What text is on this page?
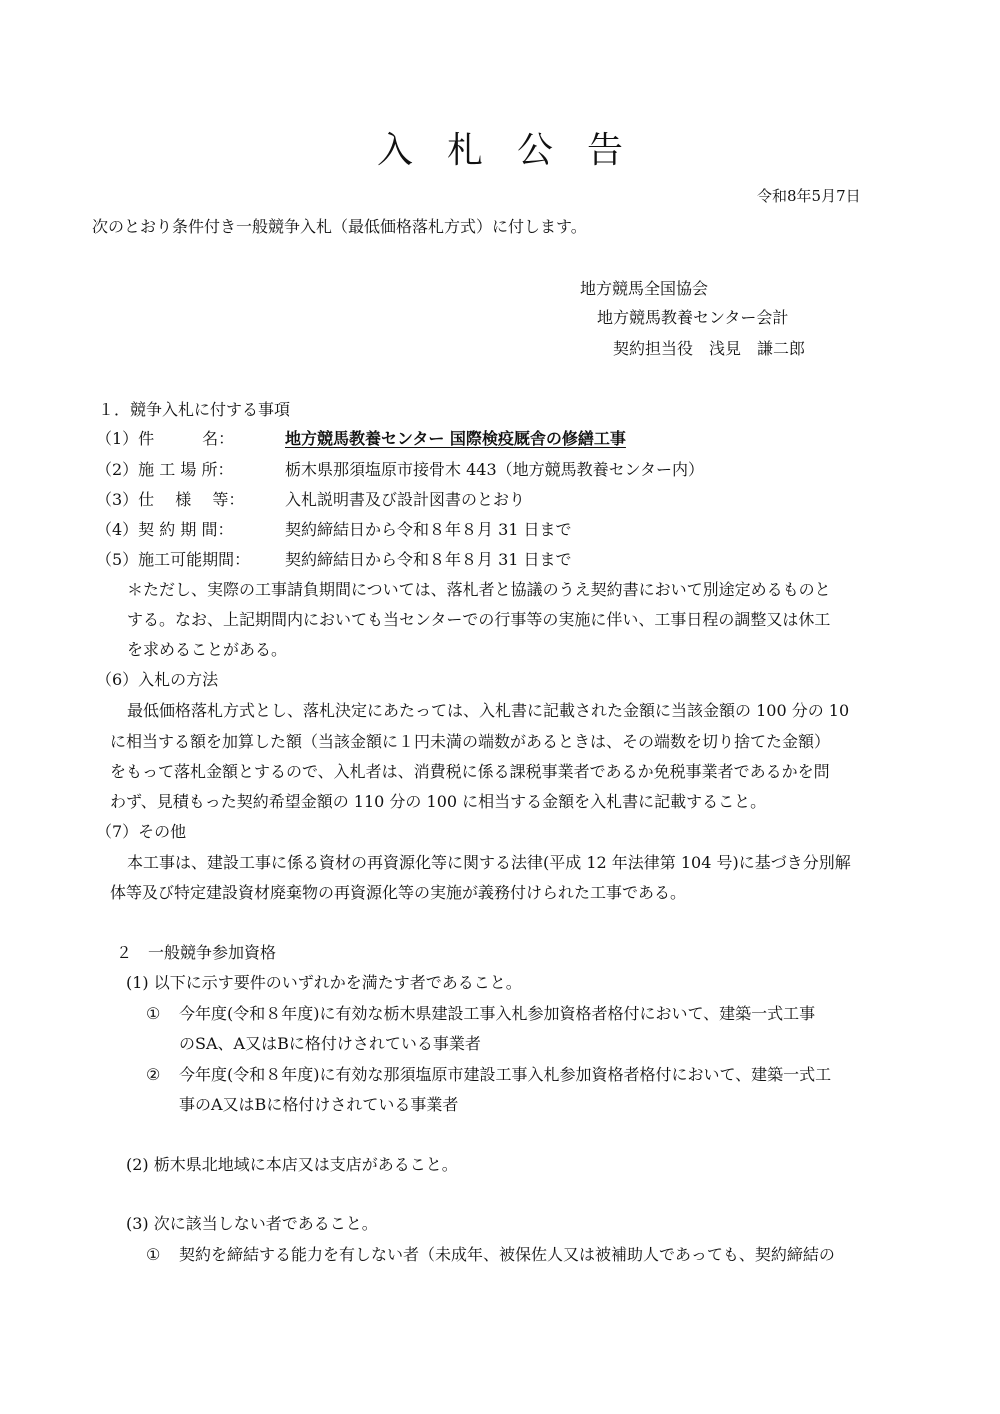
入札公告
令和8年5月7日
次のとおり条件付き一般競争入札（最低価格落札方式）に付します。
地方競馬全国協会
地方競馬教養センター会計
契約担当役　浅見　謙二郎
１．競争入札に付する事項
（1）件　　　名：	地方競馬教養センター 国際検疫厩舎の修繕工事
（2）施 工 場 所：	栃木県那須塩原市接骨木 443（地方競馬教養センター内）
（3）仕　 様　 等：	入札説明書及び設計図書のとおり
（4）契 約 期 間：	契約締結日から令和８年８月 31 日まで
（5）施工可能期間： 契約締結日から令和８年８月 31 日まで
＊ただし、実際の工事請負期間については、落札者と協議のうえ契約書において別途定めるものと
する。なお、上記期間内においても当センターでの行事等の実施に伴い、工事日程の調整又は休工
を求めることがある。
（6）入札の方法
最低価格落札方式とし、落札決定にあたっては、入札書に記載された金額に当該金額の 100 分の 10
に相当する額を加算した額（当該金額に１円未満の端数があるときは、その端数を切り捨てた金額）
をもって落札金額とするので、入札者は、消費税に係る課税事業者であるか免税事業者であるかを問
わず、見積もった契約希望金額の 110 分の 100 に相当する金額を入札書に記載すること。
（7）その他
本工事は、建設工事に係る資材の再資源化等に関する法律(平成 12 年法律第 104 号)に基づき分別解
体等及び特定建設資材廃棄物の再資源化等の実施が義務付けられた工事である。
２　一般競争参加資格
(1) 以下に示す要件のいずれかを満たす者であること。
① 今年度(令和８年度)に有効な栃木県建設工事入札参加資格者格付において、建築一式工事
のSA、A又はBに格付けされている事業者
② 今年度(令和８年度)に有効な那須塩原市建設工事入札参加資格者格付において、建築一式工
事のA又はBに格付けされている事業者
(2) 栃木県北地域に本店又は支店があること。
(3) 次に該当しない者であること。
① 契約を締結する能力を有しない者（未成年、被保佐人又は被補助人であっても、契約締結の
